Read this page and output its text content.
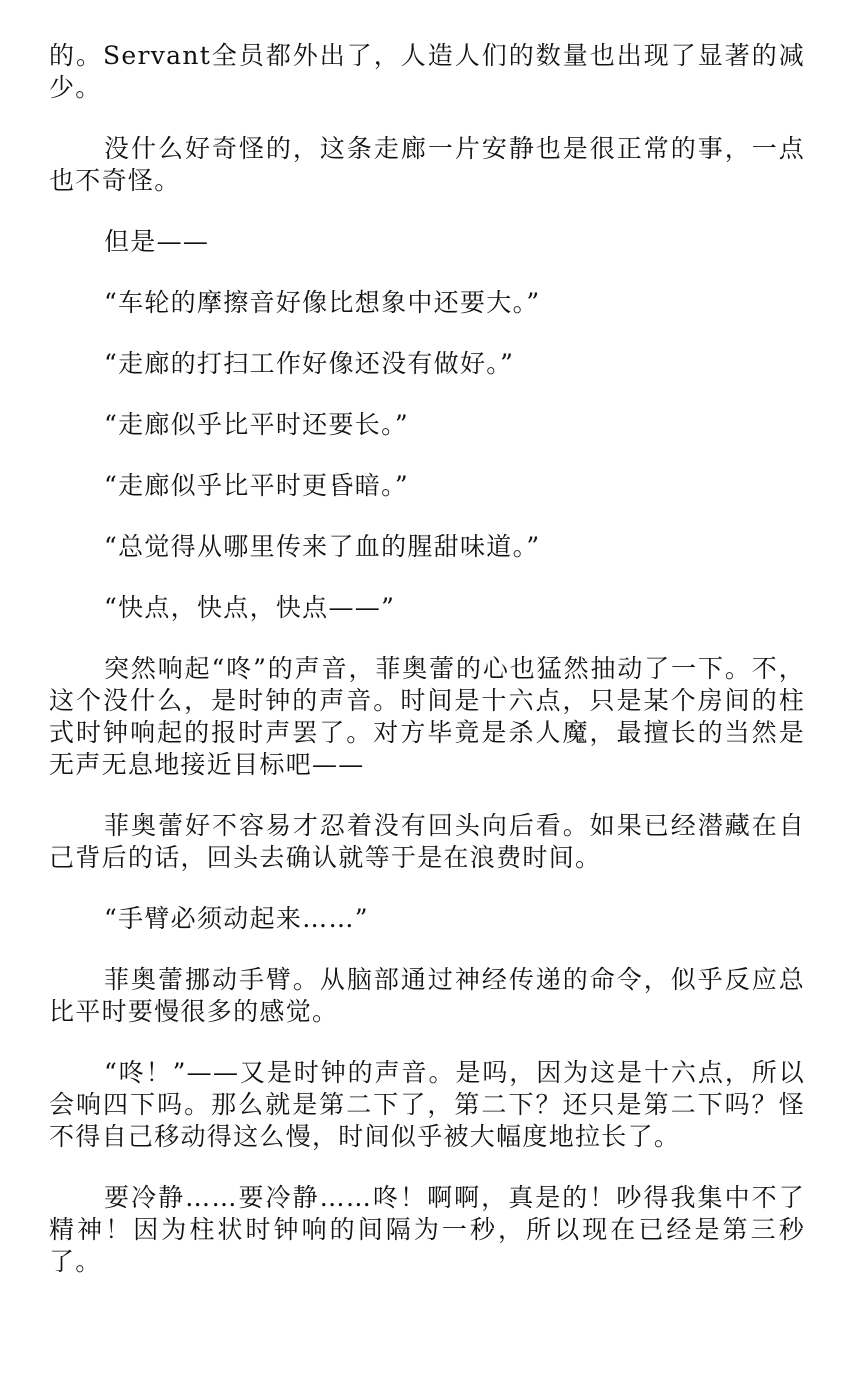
的。Servant全员都外出了，人造人们的数量也出现了显著的减少。

没什么好奇怪的，这条走廊一片安静也是很正常的事，一点也不奇怪。

但是——

“车轮的摩擦音好像比想象中还要大。”

“走廊的打扫工作好像还没有做好。”

“走廊似乎比平时还要长。”

“走廊似乎比平时更昏暗。”

“总觉得从哪里传来了血的腥甜味道。”

“快点，快点，快点——”

突然响起“咚”的声音，菲奥蕾的心也猛然抽动了一下。不，这个没什么，是时钟的声音。时间是十六点，只是某个房间的柱式时钟响起的报时声罢了。对方毕竟是杀人魔，最擅长的当然是无声无息地接近目标吧——

菲奥蕾好不容易才忍着没有回头向后看。如果已经潜藏在自己背后的话，回头去确认就等于是在浪费时间。

“手臂必须动起来……”

菲奥蕾挪动手臂。从脑部通过神经传递的命令，似乎反应总比平时要慢很多的感觉。

“咚！”——又是时钟的声音。是吗，因为这是十六点，所以会响四下吗。那么就是第二下了，第二下？还只是第二下吗？怪不得自己移动得这么慢，时间似乎被大幅度地拉长了。

要冷静……要冷静……咚！啊啊，真是的！吵得我集中不了精神！因为柱状时钟响的间隔为一秒，所以现在已经是第三秒了。
